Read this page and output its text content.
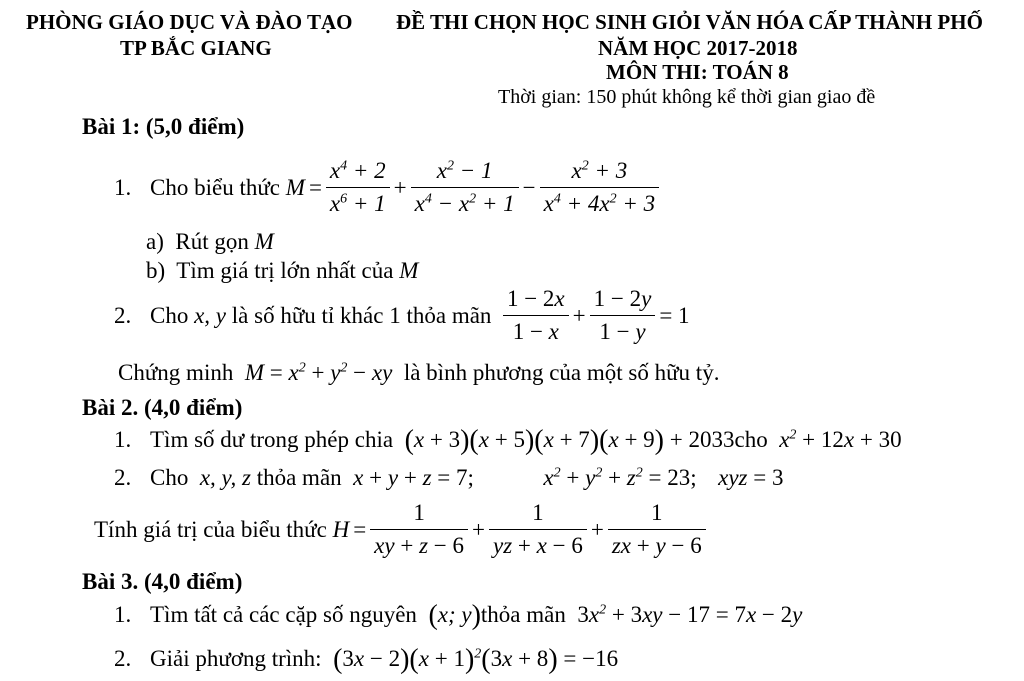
PHÒNG GIÁO DỤC VÀ ĐÀO TẠO
TP BẮC GIANG
ĐỀ THI CHỌN HỌC SINH GIỎI VĂN HÓA CẤP THÀNH PHỐ
NĂM HỌC 2017-2018
MÔN THI: TOÁN 8
Thời gian: 150 phút không kể thời gian giao đề
Bài 1: (5,0 điểm)
1. Cho biểu thức
$M = \frac{x^4 + 2}{x^6 + 1} + \frac{x^2 - 1}{x^4 - x^2 + 1} - \frac{x^2 + 3}{x^4 + 4x^2 + 3}$
a) Rút gọn M
b) Tìm giá trị lớn nhất của M
2. Cho
x, y
là số hữu tỉ khác 1 thỏa mãn
$\frac{1 - 2x}{1 - x} + \frac{1 - 2y}{1 - y} = 1$
Chứng minh $M = x^2 + y^2$ − xy là bình phương của một số hữu tỷ.
Bài 2. (4,0 điểm)
1. Tìm số dư trong phép chia (x + 3)(x + 5)(x + 7)(x + 9) + 2033cho $x^2 + 12x + 30$
2. Cho x, y, z thỏa mãn x + y + z = 7;	$x^2 + y^2 + z^2 = 23$; xyz = 3
Tính giá trị của biểu thức
$H = \frac{1}{xy + z - 6} + \frac{1}{yz + x - 6} + \frac{1}{zx + y - 6}$
Bài 3. (4,0 điểm)
1. Tìm tất cả các cặp số nguyên (x; y)thỏa mãn $3x^2 + 3xy - 17 = 7x - 2y$
2. Giải phương trình: $(3x - 2)(x + 1)^2(3x + 8) = -16$
